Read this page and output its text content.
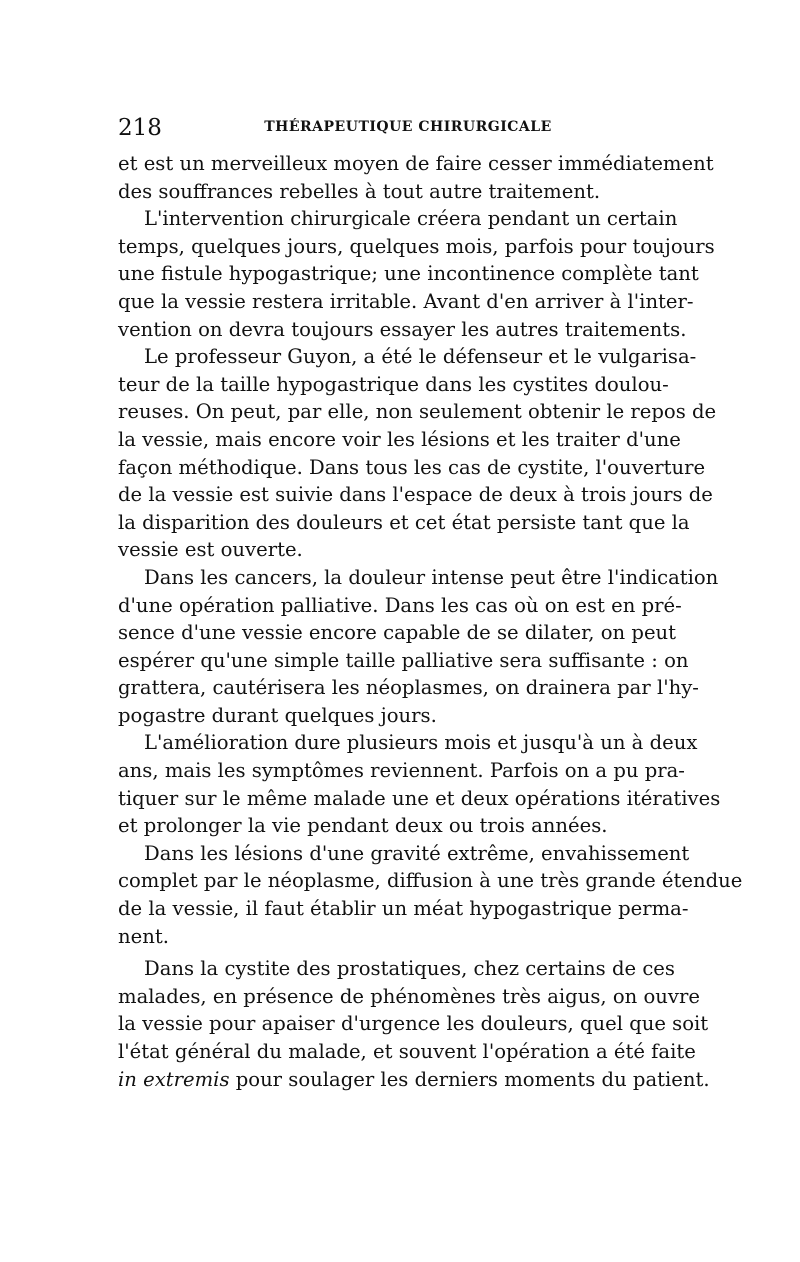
218	THÉRAPEUTIQUE CHIRURGICALE

et est un merveilleux moyen de faire cesser immédiatement
des souffrances rebelles à tout autre traitement.

L'intervention chirurgicale créera pendant un certain
temps, quelques jours, quelques mois, parfois pour toujours
une fistule hypogastrique; une incontinence complète tant
que la vessie restera irritable. Avant d'en arriver à l'inter-
vention on devra toujours essayer les autres traitements.

Le professeur Guyon, a été le défenseur et le vulgarisa-
teur de la taille hypogastrique dans les cystites doulou-
reuses. On peut, par elle, non seulement obtenir le repos de
la vessie, mais encore voir les lésions et les traiter d'une
façon méthodique. Dans tous les cas de cystite, l'ouverture
de la vessie est suivie dans l'espace de deux à trois jours de
la disparition des douleurs et cet état persiste tant que la
vessie est ouverte.

Dans les cancers, la douleur intense peut être l'indication
d'une opération palliative. Dans les cas où on est en pré-
sence d'une vessie encore capable de se dilater, on peut
espérer qu'une simple taille palliative sera suffisante : on
grattera, cautérisera les néoplasmes, on drainera par l'hy-
pogastre durant quelques jours.

L'amélioration dure plusieurs mois et jusqu'à un à deux
ans, mais les symptômes reviennent. Parfois on a pu pra-
tiquer sur le même malade une et deux opérations itératives
et prolonger la vie pendant deux ou trois années.

Dans les lésions d'une gravité extrême, envahissement
complet par le néoplasme, diffusion à une très grande étendue
de la vessie, il faut établir un méat hypogastrique perma-
nent.

Dans la cystite des prostatiques, chez certains de ces
malades, en présence de phénomènes très aigus, on ouvre
la vessie pour apaiser d'urgence les douleurs, quel que soit
l'état général du malade, et souvent l'opération a été faite
in extremis pour soulager les derniers moments du patient.
